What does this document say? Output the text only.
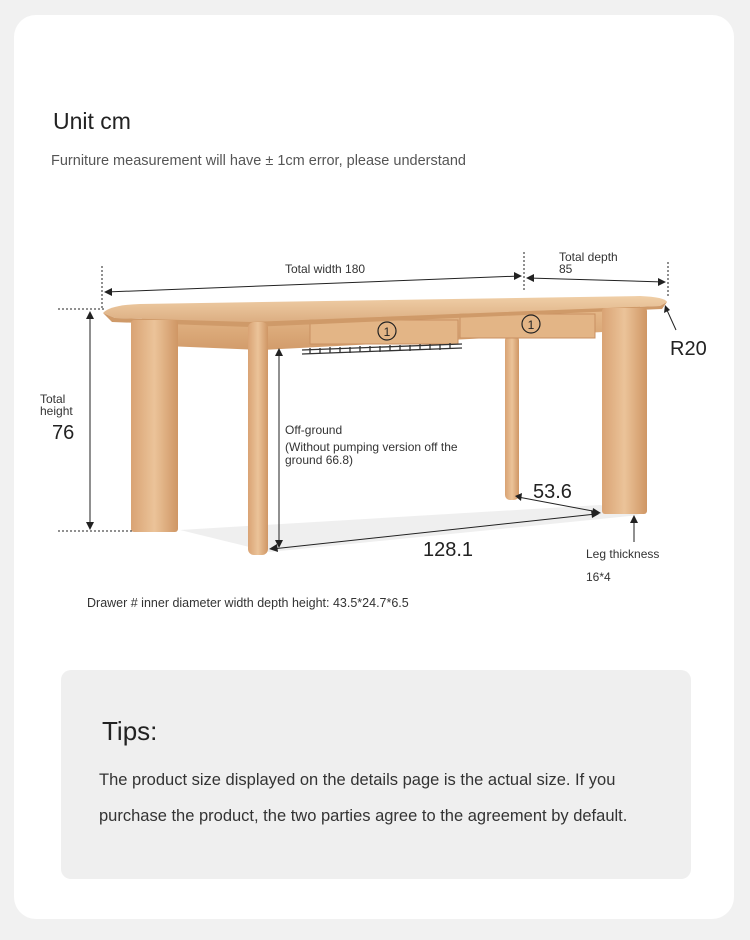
Unit cm
Furniture measurement will have ± 1cm error, please understand
1	1
Total width 180
Total depth
85
R20
Total
height
76	Off-ground
(Without pumping version off the ground 66.8)
53.6
128.1	Leg thickness
16*4
Drawer # inner diameter width depth height: 43.5*24.7*6.5
Tips:
The product size displayed on the details page is the actual size. If you purchase the product, the two parties agree to the agreement by default.
